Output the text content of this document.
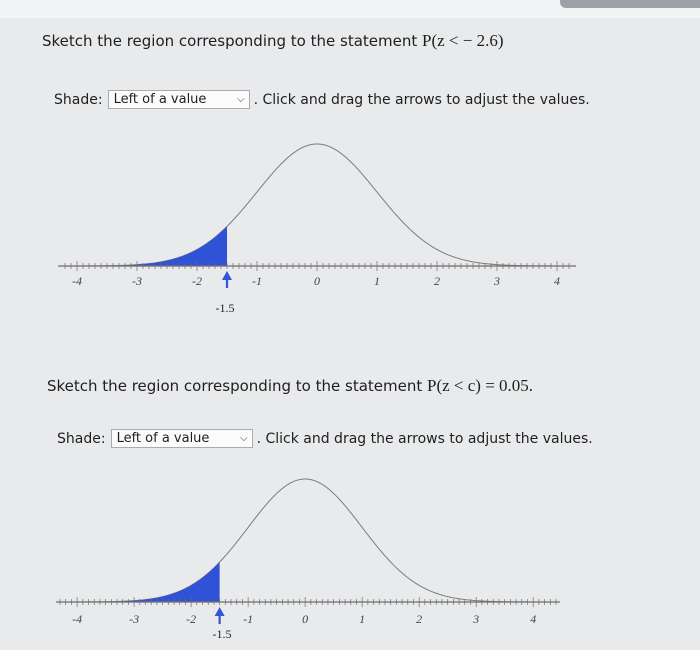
Sketch the region corresponding to the statement P(z < − 2.6)
Shade: Left of a value	⌵ . Click and drag the arrows to adjust the values.
-4	-3	-2	-1	0	1	2	3	4
-1.5
Sketch the region corresponding to the statement P(z < c) = 0.05.
Shade: Left of a value	⌵ . Click and drag the arrows to adjust the values.
-4	-3	-2	-1	0	1	2	3	4
-1.5
